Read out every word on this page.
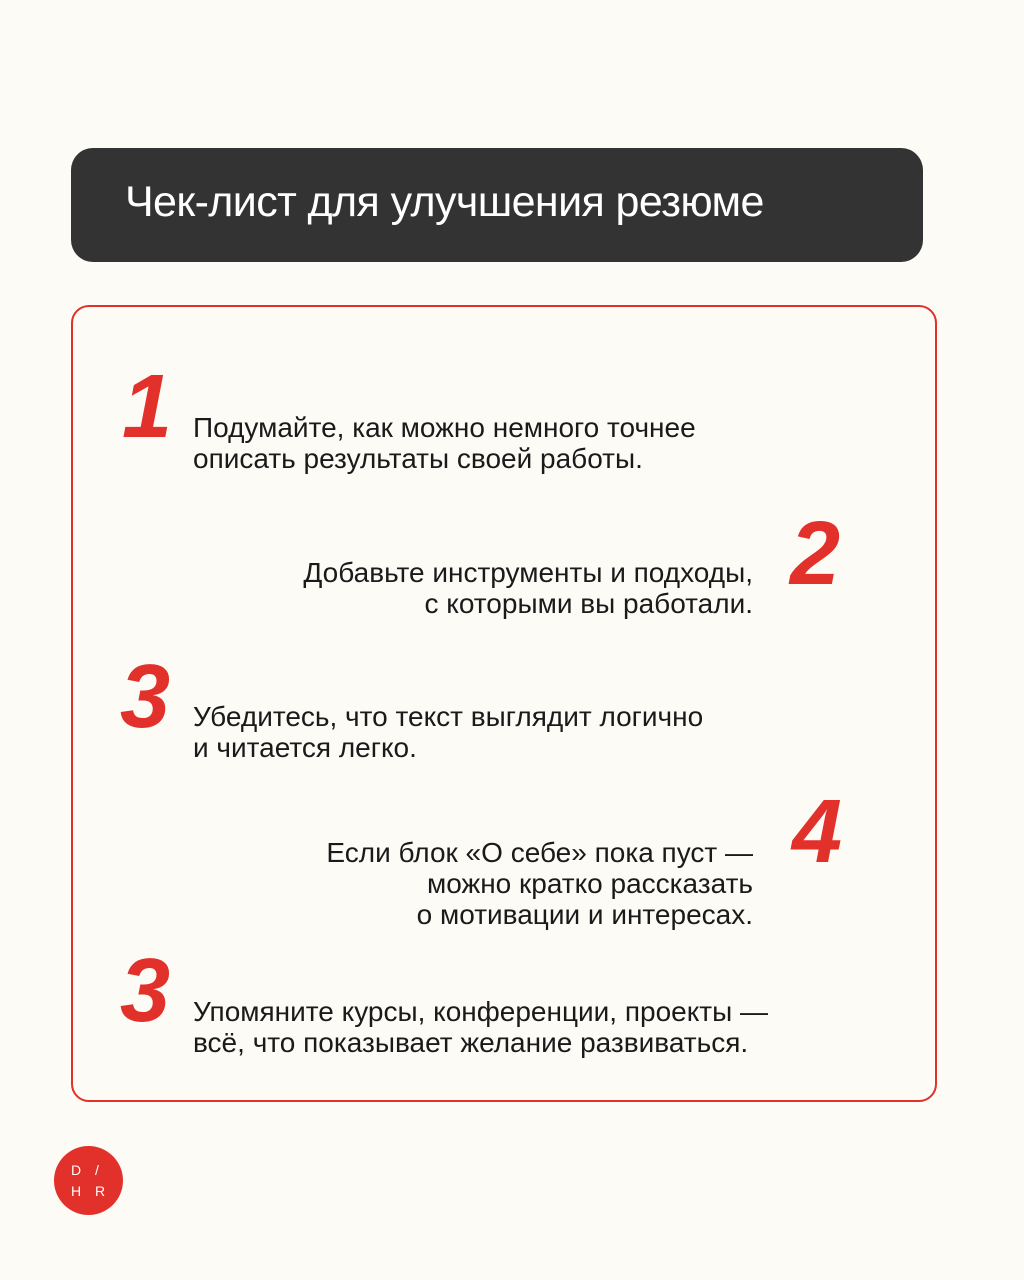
Чек-лист для улучшения резюме
1 Подумайте, как можно немного точнее
описать результаты своей работы.
2
Добавьте инструменты и подходы,
с которыми вы работали.
3 Убедитесь, что текст выглядит логично
и читается легко.
4
Если блок «О себе» пока пуст —
можно кратко рассказать
о мотивации и интересах.
3 Упомяните курсы, конференции, проекты —
всё, что показывает желание развиваться.
D /
H R
